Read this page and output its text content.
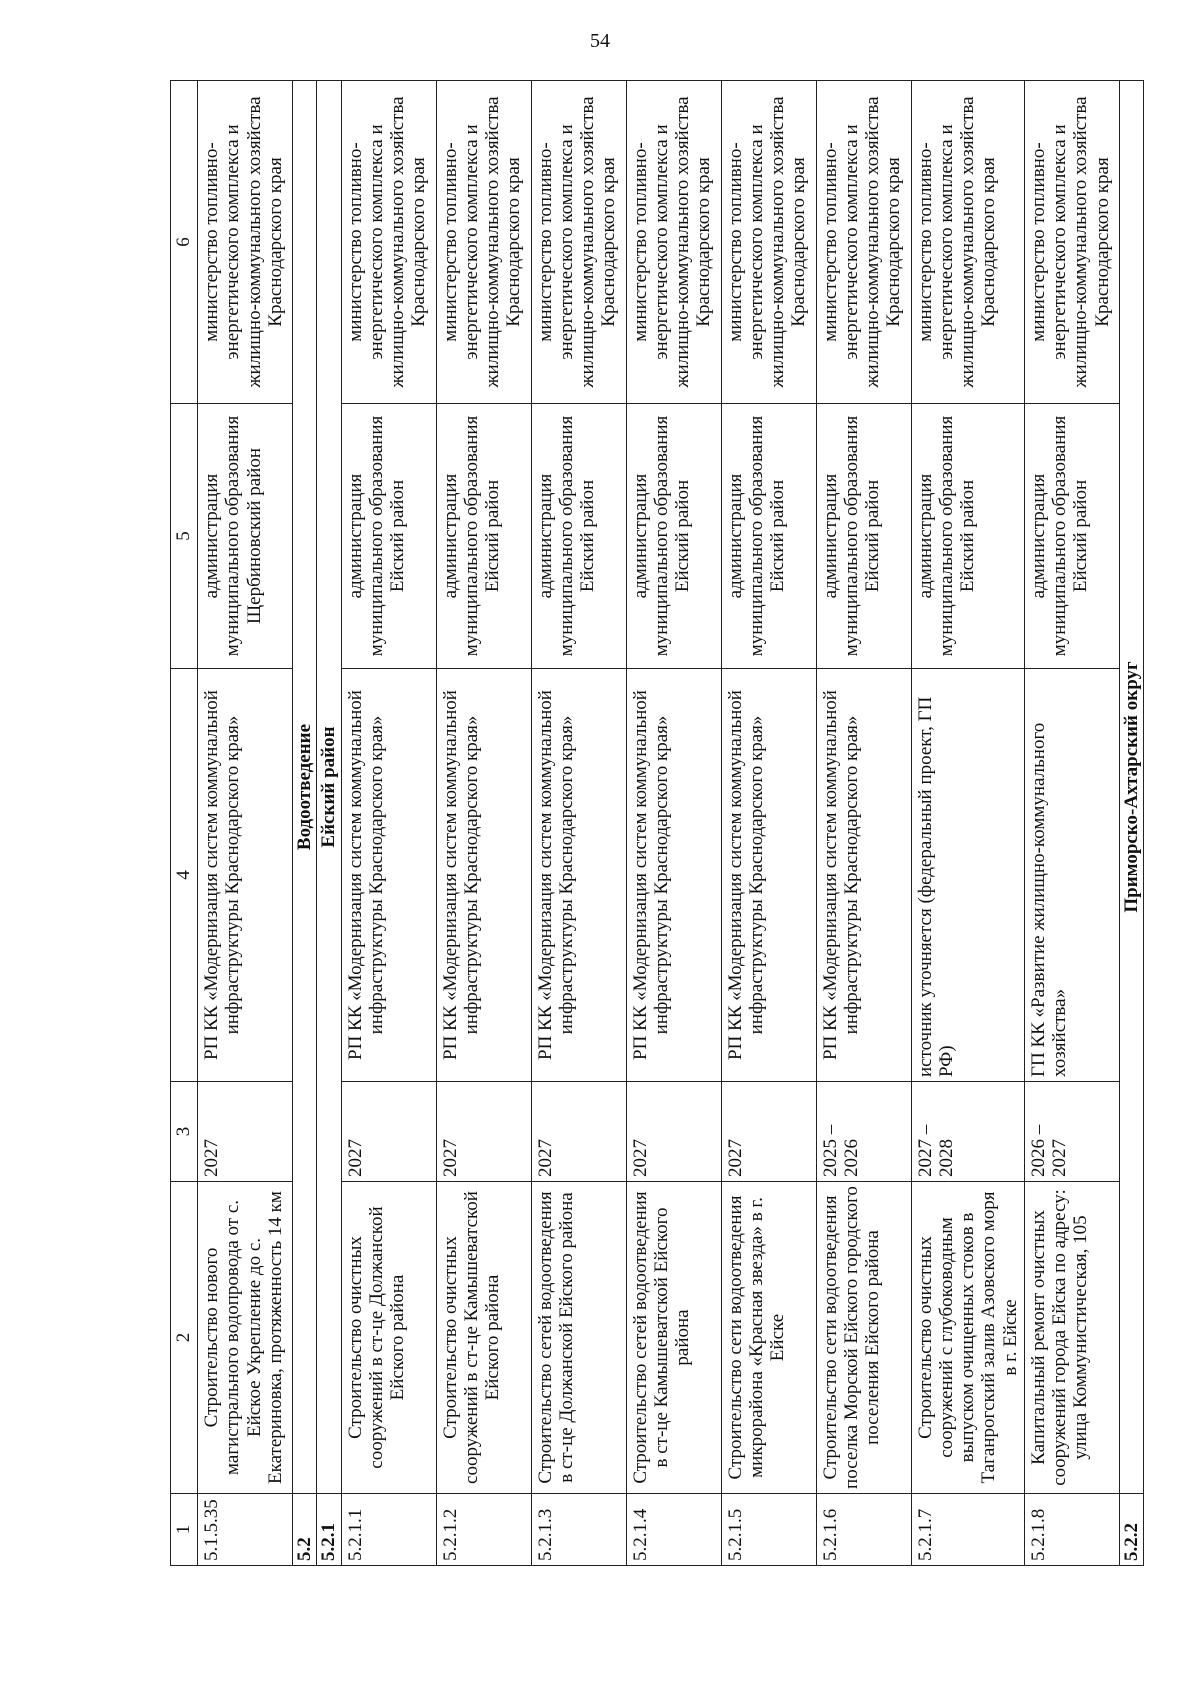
54
1	2	3	4	5	6
5.1.5.35	Строительство нового магистрального водопровода от с. Ейское Укрепление до с. Екатериновка, протяженность 14 км	2027	РП КК «Модернизация систем коммунальной инфраструктуры Краснодарского края»	администрация муниципального образования Щербиновский район	министерство топливно-энергетического комплекса и жилищно-коммунального хозяйства Краснодарского края
5.2	Водоотведение				
5.2.1	Ейский район				
5.2.1.1	Строительство очистных сооружений в ст-це Должанской Ейского района	2027	РП КК «Модернизация систем коммунальной инфраструктуры Краснодарского края»	администрация муниципального образования Ейский район	министерство топливно-энергетического комплекса и жилищно-коммунального хозяйства Краснодарского края
5.2.1.2	Строительство очистных сооружений в ст-це Камышеватской Ейского района	2027	РП КК «Модернизация систем коммунальной инфраструктуры Краснодарского края»	администрация муниципального образования Ейский район	министерство топливно-энергетического комплекса и жилищно-коммунального хозяйства Краснодарского края
5.2.1.3	Строительство сетей водоотведения в ст-це Должанской Ейского района	2027	РП КК «Модернизация систем коммунальной инфраструктуры Краснодарского края»	администрация муниципального образования Ейский район	министерство топливно-энергетического комплекса и жилищно-коммунального хозяйства Краснодарского края
5.2.1.4	Строительство сетей водоотведения в ст-це Камышеватской Ейского района	2027	РП КК «Модернизация систем коммунальной инфраструктуры Краснодарского края»	администрация муниципального образования Ейский район	министерство топливно-энергетического комплекса и жилищно-коммунального хозяйства Краснодарского края
5.2.1.5	Строительство сети водоотведения микрорайона «Красная звезда» в г. Ейске	2027	РП КК «Модернизация систем коммунальной инфраструктуры Краснодарского края»	администрация муниципального образования Ейский район	министерство топливно-энергетического комплекса и жилищно-коммунального хозяйства Краснодарского края
5.2.1.6	Строительство сети водоотведения поселка Морской Ейского городского поселения Ейского района	2025 – 2026	РП КК «Модернизация систем коммунальной инфраструктуры Краснодарского края»	администрация муниципального образования Ейский район	министерство топливно-энергетического комплекса и жилищно-коммунального хозяйства Краснодарского края
5.2.1.7	Строительство очистных сооружений с глубоководным выпуском очищенных стоков в Таганрогский залив Азовского моря в г. Ейске	2027 – 2028	источник уточняется (федеральный проект, ГП РФ)	администрация муниципального образования Ейский район	министерство топливно-энергетического комплекса и жилищно-коммунального хозяйства Краснодарского края
5.2.1.8	Капитальный ремонт очистных сооружений города Ейска по адресу: улица Коммунистическая, 105	2026 – 2027	ГП КК «Развитие жилищно-коммунального хозяйства»	администрация муниципального образования Ейский район	министерство топливно-энергетического комплекса и жилищно-коммунального хозяйства Краснодарского края
5.2.2	Приморско-Ахтарский округ				
